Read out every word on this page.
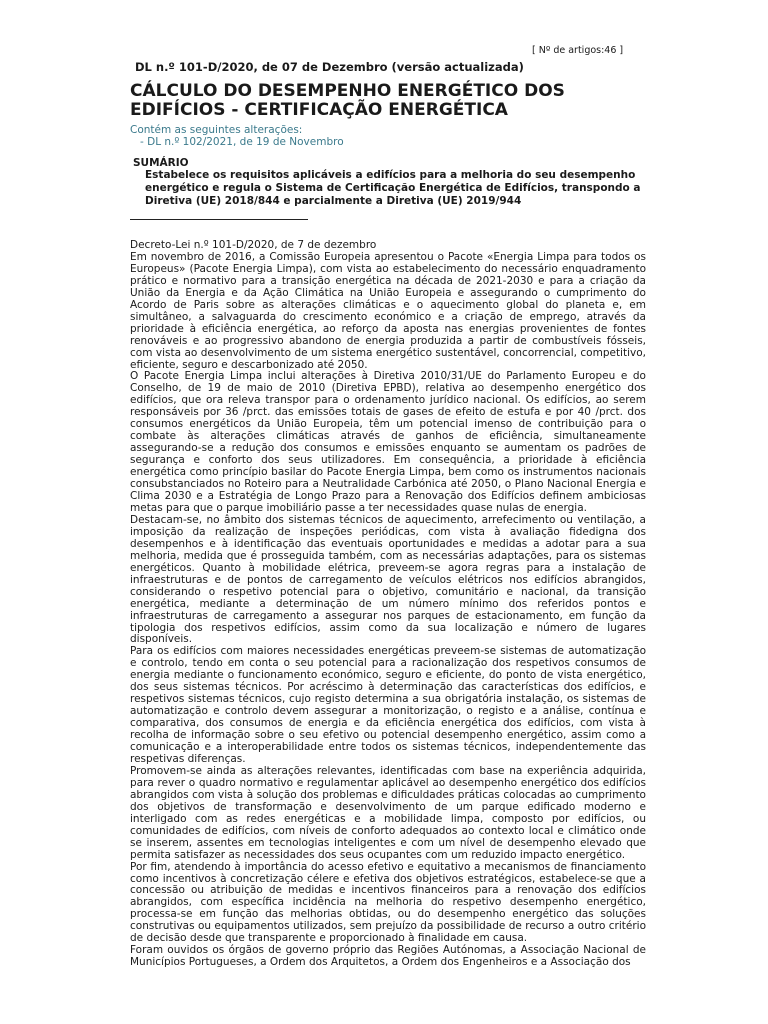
[ Nº de artigos:46 ]
DL n.º 101-D/2020, de 07 de Dezembro (versão actualizada)
CÁLCULO DO DESEMPENHO ENERGÉTICO DOS EDIFÍCIOS - CERTIFICAÇÃO ENERGÉTICA
Contém as seguintes alterações:
- DL n.º 102/2021, de 19 de Novembro
SUMÁRIO
Estabelece os requisitos aplicáveis a edifícios para a melhoria do seu desempenho energético e regula o Sistema de Certificação Energética de Edifícios, transpondo a Diretiva (UE) 2018/844 e parcialmente a Diretiva (UE) 2019/944

Decreto-Lei n.º 101-D/2020, de 7 de dezembro

Em novembro de 2016, a Comissão Europeia apresentou o Pacote «Energia Limpa para todos os Europeus» (Pacote Energia Limpa), com vista ao estabelecimento do necessário enquadramento prático e normativo para a transição energética na década de 2021-2030 e para a criação da União da Energia e da Ação Climática na União Europeia e assegurando o cumprimento do Acordo de Paris sobre as alterações climáticas e o aquecimento global do planeta e, em simultâneo, a salvaguarda do crescimento económico e a criação de emprego, através da prioridade à eficiência energética, ao reforço da aposta nas energias provenientes de fontes renováveis e ao progressivo abandono de energia produzida a partir de combustíveis fósseis, com vista ao desenvolvimento de um sistema energético sustentável, concorrencial, competitivo, eficiente, seguro e descarbonizado até 2050.

O Pacote Energia Limpa inclui alterações à Diretiva 2010/31/UE do Parlamento Europeu e do Conselho, de 19 de maio de 2010 (Diretiva EPBD), relativa ao desempenho energético dos edifícios, que ora releva transpor para o ordenamento jurídico nacional. Os edifícios, ao serem responsáveis por 36 /prct. das emissões totais de gases de efeito de estufa e por 40 /prct. dos consumos energéticos da União Europeia, têm um potencial imenso de contribuição para o combate às alterações climáticas através de ganhos de eficiência, simultaneamente assegurando-se a redução dos consumos e emissões enquanto se aumentam os padrões de segurança e conforto dos seus utilizadores. Em consequência, a prioridade à eficiência energética como princípio basilar do Pacote Energia Limpa, bem como os instrumentos nacionais consubstanciados no Roteiro para a Neutralidade Carbónica até 2050, o Plano Nacional Energia e Clima 2030 e a Estratégia de Longo Prazo para a Renovação dos Edifícios definem ambiciosas metas para que o parque imobiliário passe a ter necessidades quase nulas de energia.

Destacam-se, no âmbito dos sistemas técnicos de aquecimento, arrefecimento ou ventilação, a imposição da realização de inspeções periódicas, com vista à avaliação fidedigna dos desempenhos e à identificação das eventuais oportunidades e medidas a adotar para a sua melhoria, medida que é prosseguida também, com as necessárias adaptações, para os sistemas energéticos. Quanto à mobilidade elétrica, preveem-se agora regras para a instalação de infraestruturas e de pontos de carregamento de veículos elétricos nos edifícios abrangidos, considerando o respetivo potencial para o objetivo, comunitário e nacional, da transição energética, mediante a determinação de um número mínimo dos referidos pontos e infraestruturas de carregamento a assegurar nos parques de estacionamento, em função da tipologia dos respetivos edifícios, assim como da sua localização e número de lugares disponíveis.

Para os edifícios com maiores necessidades energéticas preveem-se sistemas de automatização e controlo, tendo em conta o seu potencial para a racionalização dos respetivos consumos de energia mediante o funcionamento económico, seguro e eficiente, do ponto de vista energético, dos seus sistemas técnicos. Por acréscimo à determinação das características dos edifícios, e respetivos sistemas técnicos, cujo registo determina a sua obrigatória instalação, os sistemas de automatização e controlo devem assegurar a monitorização, o registo e a análise, contínua e comparativa, dos consumos de energia e da eficiência energética dos edifícios, com vista à recolha de informação sobre o seu efetivo ou potencial desempenho energético, assim como a comunicação e a interoperabilidade entre todos os sistemas técnicos, independentemente das respetivas diferenças.

Promovem-se ainda as alterações relevantes, identificadas com base na experiência adquirida, para rever o quadro normativo e regulamentar aplicável ao desempenho energético dos edifícios abrangidos com vista à solução dos problemas e dificuldades práticas colocadas ao cumprimento dos objetivos de transformação e desenvolvimento de um parque edificado moderno e interligado com as redes energéticas e a mobilidade limpa, composto por edifícios, ou comunidades de edifícios, com níveis de conforto adequados ao contexto local e climático onde se inserem, assentes em tecnologias inteligentes e com um nível de desempenho elevado que permita satisfazer as necessidades dos seus ocupantes com um reduzido impacto energético.

Por fim, atendendo à importância do acesso efetivo e equitativo a mecanismos de financiamento como incentivos à concretização célere e efetiva dos objetivos estratégicos, estabelece-se que a concessão ou atribuição de medidas e incentivos financeiros para a renovação dos edifícios abrangidos, com específica incidência na melhoria do respetivo desempenho energético, processa-se em função das melhorias obtidas, ou do desempenho energético das soluções construtivas ou equipamentos utilizados, sem prejuízo da possibilidade de recurso a outro critério de decisão desde que transparente e proporcionado à finalidade em causa.

Foram ouvidos os órgãos de governo próprio das Regiões Autónomas, a Associação Nacional de Municípios Portugueses, a Ordem dos Arquitetos, a Ordem dos Engenheiros e a Associação dos
